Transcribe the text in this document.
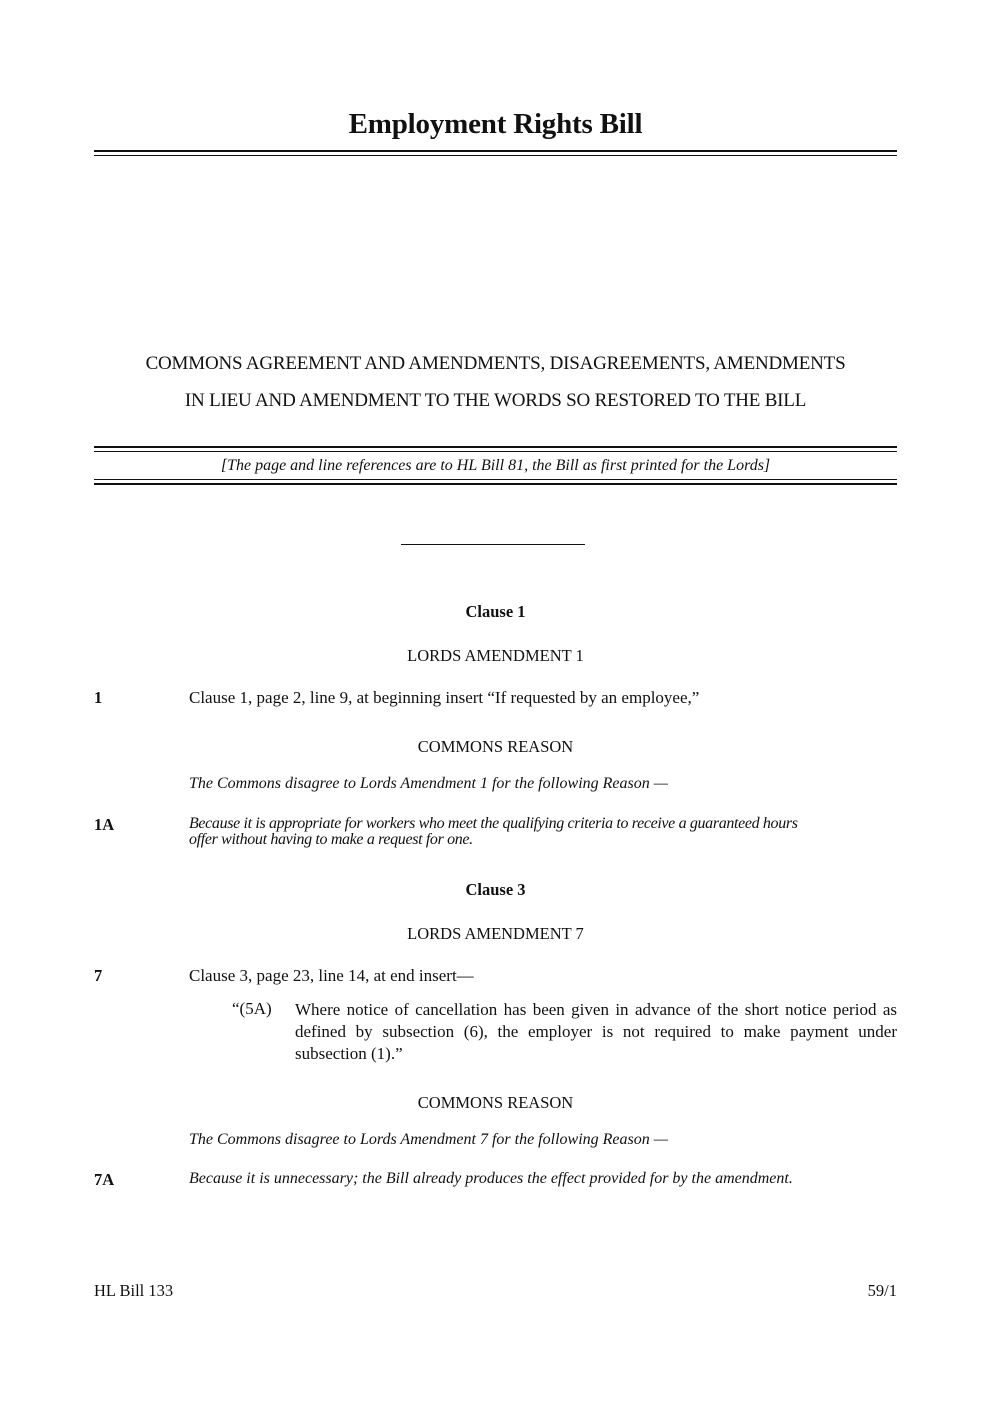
Employment Rights Bill
COMMONS AGREEMENT AND AMENDMENTS, DISAGREEMENTS, AMENDMENTS
IN LIEU AND AMENDMENT TO THE WORDS SO RESTORED TO THE BILL
[The page and line references are to HL Bill 81, the Bill as first printed for the Lords]
Clause 1
LORDS AMENDMENT 1
1	Clause 1, page 2, line 9, at beginning insert “If requested by an employee,”
COMMONS REASON
The Commons disagree to Lords Amendment 1 for the following Reason —
1A	Because it is appropriate for workers who meet the qualifying criteria to receive a guaranteed hours
offer without having to make a request for one.
Clause 3
LORDS AMENDMENT 7
7	Clause 3, page 23, line 14, at end insert—
“(5A) Where notice of cancellation has been given in advance of the short notice period as defined by subsection (6), the employer is not required to make payment under subsection (1).”
COMMONS REASON
The Commons disagree to Lords Amendment 7 for the following Reason —
7A	Because it is unnecessary; the Bill already produces the effect provided for by the amendment.
HL Bill 133	59/1
